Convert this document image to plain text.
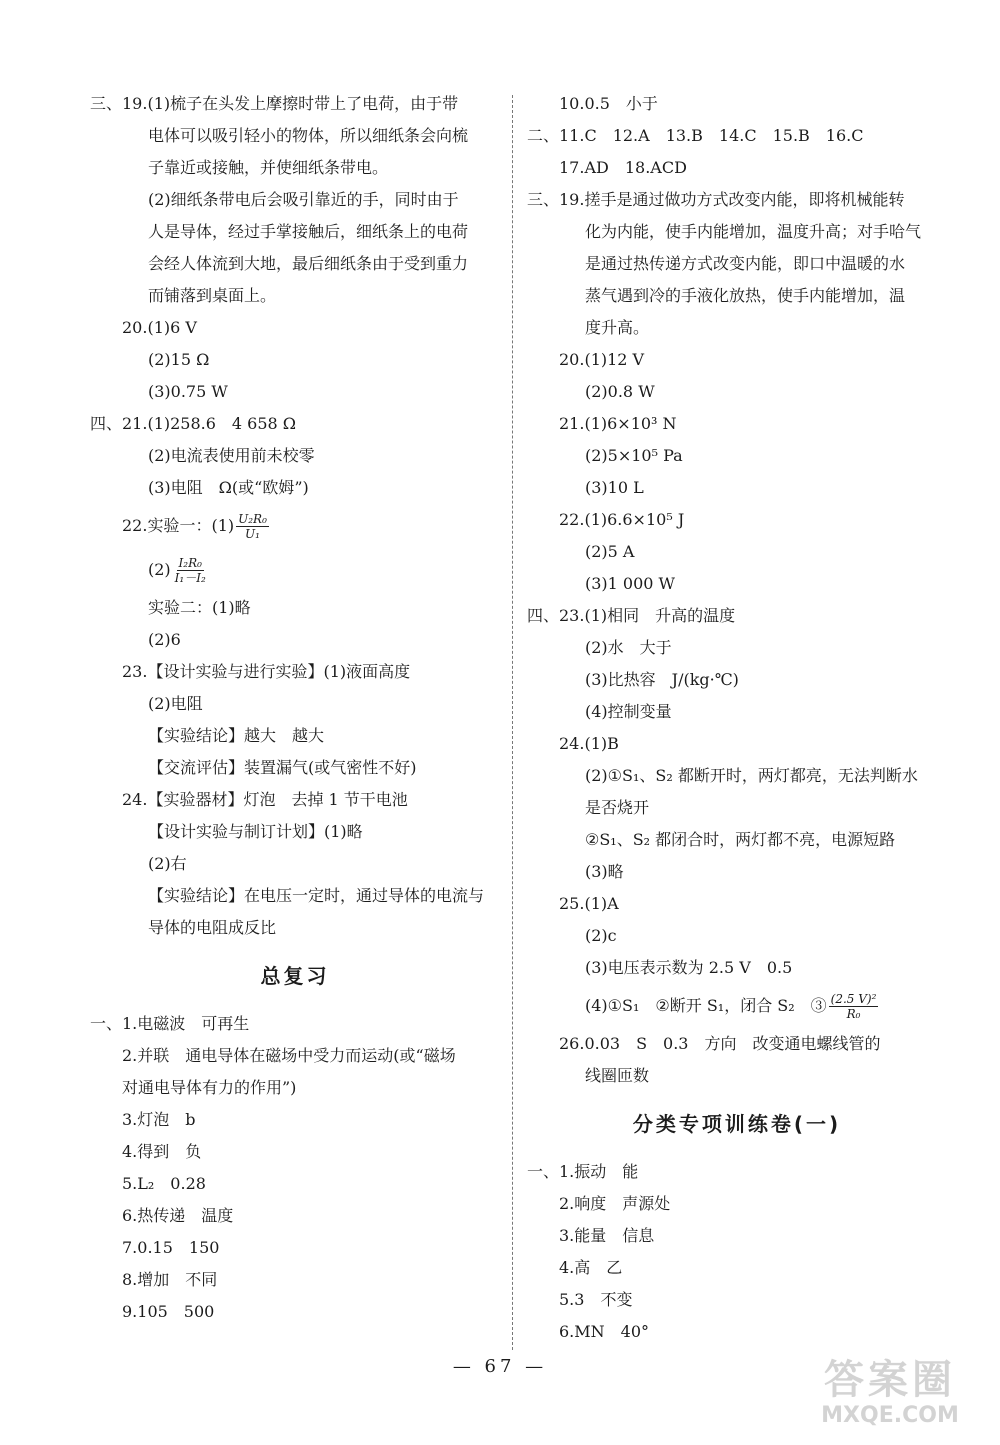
三、19.(1)梳子在头发上摩擦时带上了电荷，由于带
电体可以吸引轻小的物体，所以细纸条会向梳
子靠近或接触，并使细纸条带电。
(2)细纸条带电后会吸引靠近的手，同时由于
人是导体，经过手掌接触后，细纸条上的电荷
会经人体流到大地，最后细纸条由于受到重力
而铺落到桌面上。
20.(1)6 V
(2)15 Ω
(3)0.75 W
四、21.(1)258.6　4 658 Ω
(2)电流表使用前未校零
(3)电阻　Ω(或“欧姆”)
22.实验一：$(1) \frac{\text{U₂R₀}}{\text{U₁}}$
$(2) \frac{\text{I₂R₀}}{\text{I₁－I₂}}$
实验二：(1)略
(2)6
23.【设计实验与进行实验】(1)液面高度
(2)电阻
【实验结论】越大　越大
【交流评估】装置漏气(或气密性不好)
24.【实验器材】灯泡　去掉 1 节干电池
【设计实验与制订计划】(1)略
(2)右
【实验结论】在电压一定时，通过导体的电流与
导体的电阻成反比
总复习
一、1.电磁波　可再生
2.并联　通电导体在磁场中受力而运动(或“磁场
对通电导体有力的作用”)
3.灯泡　b
4.得到　负
5.L₂　0.28
6.热传递　温度
7.0.15　150
8.增加　不同
9.105　500
10.0.5　小于
二、11.C　12.A　13.B　14.C　15.B　16.C
17.AD　18.ACD
三、19.搓手是通过做功方式改变内能，即将机械能转
化为内能，使手内能增加，温度升高；对手哈气
是通过热传递方式改变内能，即口中温暖的水
蒸气遇到冷的手液化放热，使手内能增加，温
度升高。
20.(1)12 V
(2)0.8 W
21.(1)6×10³ N
(2)5×10⁵ Pa
(3)10 L
22.(1)6.6×10⁵ J
(2)5 A
(3)1 000 W
四、23.(1)相同　升高的温度
(2)水　大于
(3)比热容　J/(kg·℃)
(4)控制变量
24.(1)B
(2)①S₁、S₂ 都断开时，两灯都亮，无法判断水
是否烧开
②S₁、S₂ 都闭合时，两灯都不亮，电源短路
(3)略
25.(1)A
(2)c
(3)电压表示数为 2.5 V　0.5
(4)①S₁　②断开 S₁，闭合 S₂　③ $\frac{\text{(2.5 V)²}}{\text{R₀}}$
26.0.03　S　0.3　方向　改变通电螺线管的
线圈匝数
分类专项训练卷(一)
一、1.振动　能
2.响度　声源处
3.能量　信息
4.高　乙
5.3　不变
6.MN　40°
— 67 —	答案圈
MXQE.COM
